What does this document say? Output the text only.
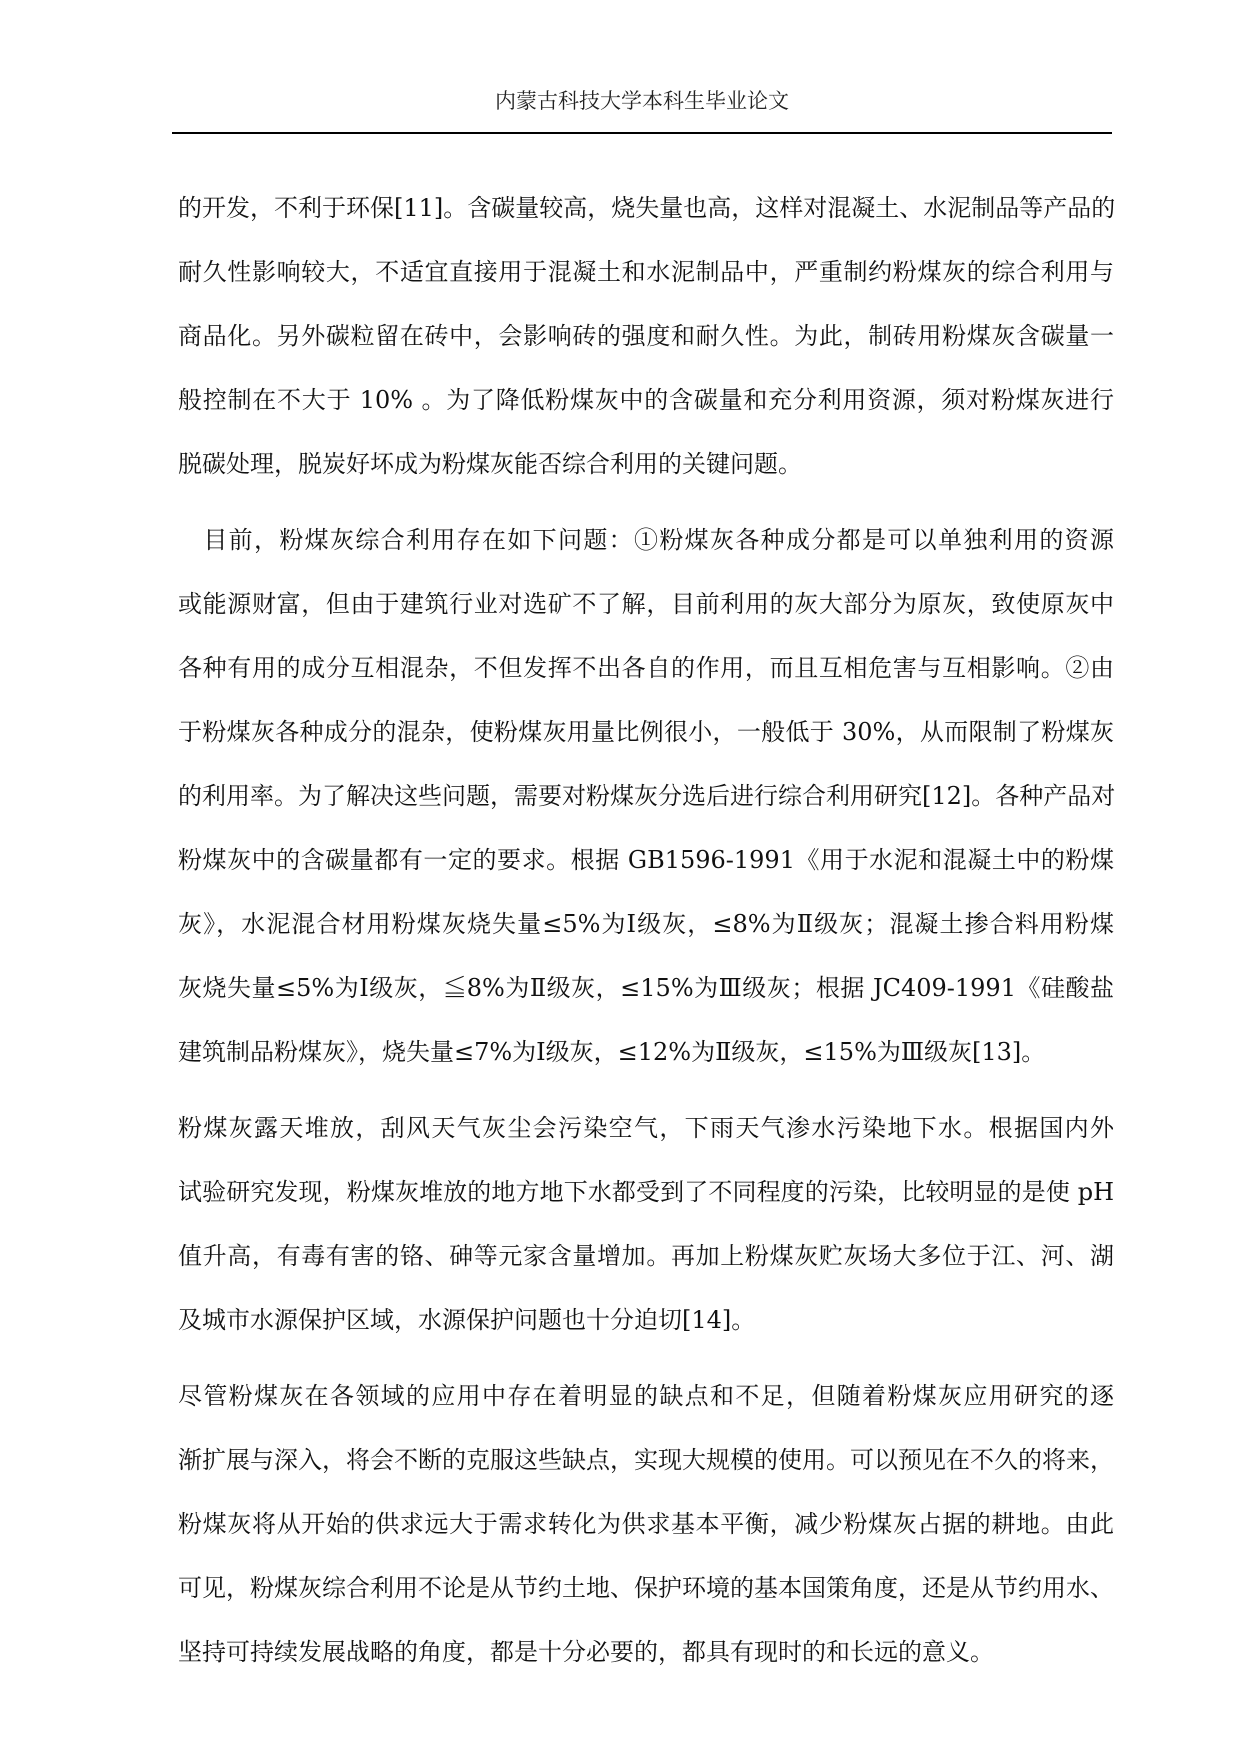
内蒙古科技大学本科生毕业论文
的开发，不利于环保[11]。含碳量较高，烧失量也高，这样对混凝土、水泥制品等产品的
耐久性影响较大，不适宜直接用于混凝土和水泥制品中，严重制约粉煤灰的综合利用与
商品化。另外碳粒留在砖中，会影响砖的强度和耐久性。为此，制砖用粉煤灰含碳量一
般控制在不大于 10% 。为了降低粉煤灰中的含碳量和充分利用资源，须对粉煤灰进行
脱碳处理，脱炭好坏成为粉煤灰能否综合利用的关键问题。
　目前，粉煤灰综合利用存在如下问题：①粉煤灰各种成分都是可以单独利用的资源
或能源财富，但由于建筑行业对选矿不了解，目前利用的灰大部分为原灰，致使原灰中
各种有用的成分互相混杂，不但发挥不出各自的作用，而且互相危害与互相影响。②由
于粉煤灰各种成分的混杂，使粉煤灰用量比例很小，一般低于 30%，从而限制了粉煤灰
的利用率。为了解决这些问题，需要对粉煤灰分选后进行综合利用研究[12]。各种产品对
粉煤灰中的含碳量都有一定的要求。根据 GB1596-1991《用于水泥和混凝土中的粉煤
灰》，水泥混合材用粉煤灰烧失量≤5%为Ⅰ级灰，≤8%为Ⅱ级灰；混凝土掺合料用粉煤
灰烧失量≤5%为Ⅰ级灰，≦8%为Ⅱ级灰，≤15%为Ⅲ级灰；根据 JC409-1991《硅酸盐
建筑制品粉煤灰》，烧失量≤7%为Ⅰ级灰，≤12%为Ⅱ级灰，≤15%为Ⅲ级灰[13]。
粉煤灰露天堆放，刮风天气灰尘会污染空气，下雨天气渗水污染地下水。根据国内外
试验研究发现，粉煤灰堆放的地方地下水都受到了不同程度的污染，比较明显的是使 pH
值升高，有毒有害的铬、砷等元家含量增加。再加上粉煤灰贮灰场大多位于江、河、湖
及城市水源保护区域，水源保护问题也十分迫切[14]。
尽管粉煤灰在各领域的应用中存在着明显的缺点和不足，但随着粉煤灰应用研究的逐
渐扩展与深入，将会不断的克服这些缺点，实现大规模的使用。可以预见在不久的将来，
粉煤灰将从开始的供求远大于需求转化为供求基本平衡，减少粉煤灰占据的耕地。由此
可见，粉煤灰综合利用不论是从节约土地、保护环境的基本国策角度，还是从节约用水、
坚持可持续发展战略的角度，都是十分必要的，都具有现时的和长远的意义。
